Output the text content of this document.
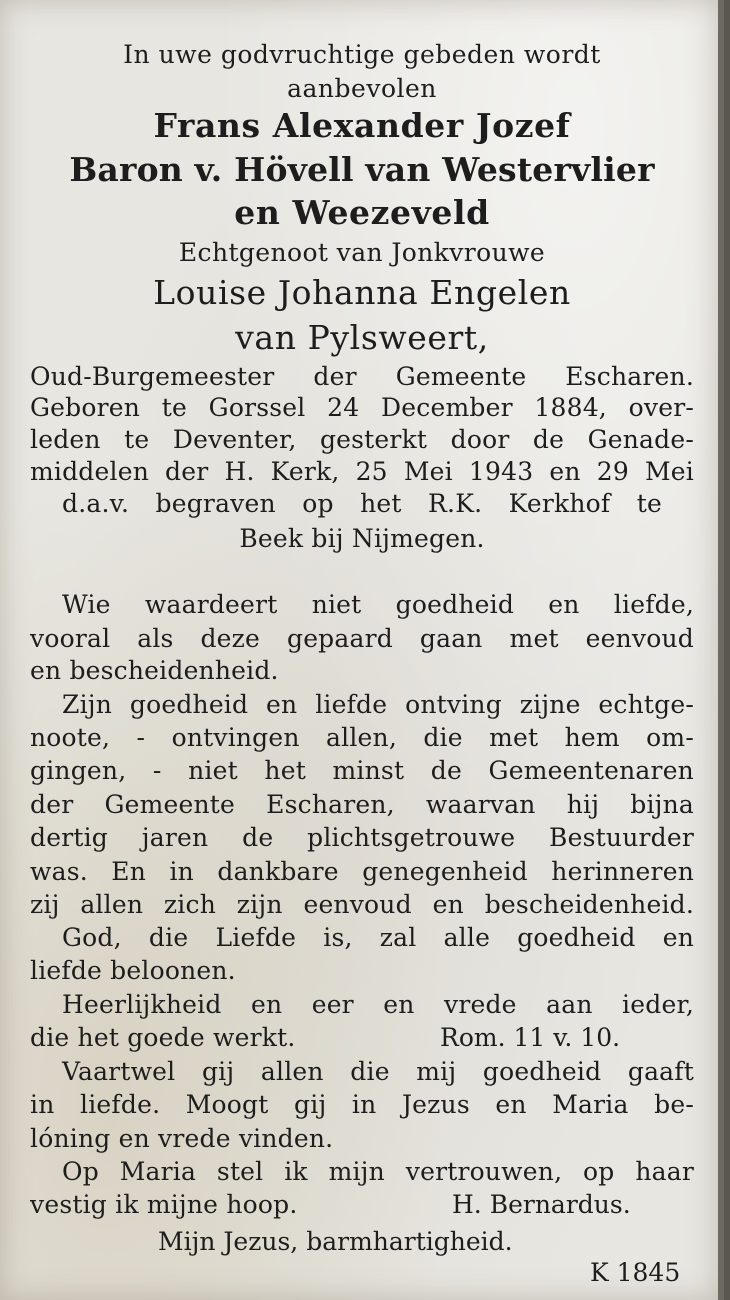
In uwe godvruchtige gebeden wordt
aanbevolen
Frans Alexander Jozef
Baron v. Hövell van Westervlier
en Weezeveld
Echtgenoot van Jonkvrouwe
Louise Johanna Engelen
van Pylsweert,
Oud-Burgemeester der Gemeente Escharen.
Geboren te Gorssel 24 December 1884, over-
leden te Deventer, gesterkt door de Genade-
middelen der H. Kerk, 25 Mei 1943 en 29 Mei
d.a.v. begraven op het R.K. Kerkhof te
Beek bij Nijmegen.
Wie waardeert niet goedheid en liefde,
vooral als deze gepaard gaan met eenvoud
en bescheidenheid.
Zijn goedheid en liefde ontving zijne echtge-
noote, - ontvingen allen, die met hem om-
gingen, - niet het minst de Gemeentenaren
der Gemeente Escharen, waarvan hij bijna
dertig jaren de plichtsgetrouwe Bestuurder
was. En in dankbare genegenheid herinneren
zij allen zich zijn eenvoud en bescheidenheid.
God, die Liefde is, zal alle goedheid en
liefde beloonen.
Heerlijkheid en eer en vrede aan ieder,
die het goede werkt.	Rom. 11 v. 10.
Vaartwel gij allen die mij goedheid gaaft
in liefde. Moogt gij in Jezus en Maria be-
lóning en vrede vinden.
Op Maria stel ik mijn vertrouwen, op haar
vestig ik mijne hoop.	H. Bernardus.
Mijn Jezus, barmhartigheid.
K 1845
